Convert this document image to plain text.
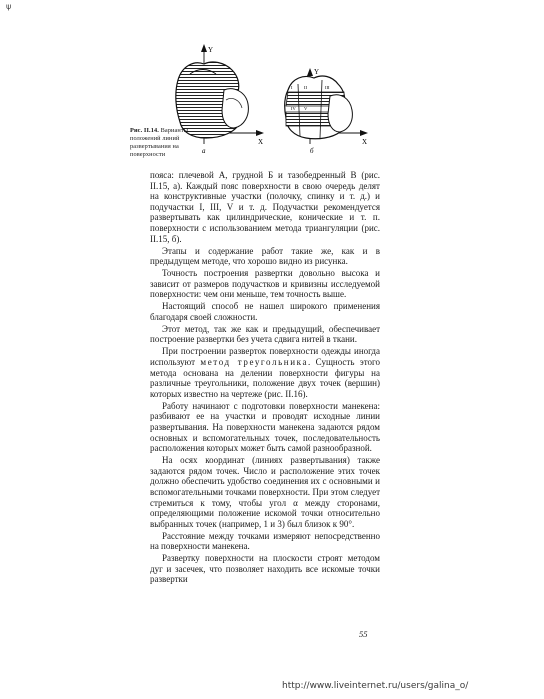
ψ
Y
X
а
Y
X
б
I	II	III
IV V
Рис. II.14. Варианты положений линий развертывания на поверхности

пояса: плечевой А, грудной Б и тазобедренный В (рис. II.15, а). Каждый пояс поверхности в свою очередь делят на конструктивные участки (полочку, спинку и т. д.) и подучастки I, III, V и т. д. Подучастки рекомендуется развертывать как цилиндрические, конические и т. п. поверхности с использованием метода триангуляции (рис. II.15, б).

Этапы и содержание работ такие же, как и в предыдущем методе, что хорошо видно из рисунка.

Точность построения развертки довольно высока и зависит от размеров подучастков и кривизны исследуемой поверхности: чем они меньше, тем точность выше.

Настоящий способ не нашел широкого применения благодаря своей сложности.

Этот метод, так же как и предыдущий, обеспечивает построение развертки без учета сдвига нитей в ткани.

При построении разверток поверхности одежды иногда используют метод треугольника. Сущность этого метода основана на делении поверхности фигуры на различные треугольники, положение двух точек (вершин) которых известно на чертеже (рис. II.16).

Работу начинают с подготовки поверхности манекена: разбивают ее на участки и проводят исходные линии развертывания. На поверхности манекена задаются рядом основных и вспомогательных точек, последовательность расположения которых может быть самой разнообразной.

На осях координат (линиях развертывания) также задаются рядом точек. Число и расположение этих точек должно обеспечить удобство соединения их с основными и вспомогательными точками поверхности. При этом следует стремиться к тому, чтобы угол α между сторонами, определяющими положение искомой точки относительно выбранных точек (например, 1 и 3) был близок к 90°.

Расстояние между точками измеряют непосредственно на поверхности манекена.

Развертку поверхности на плоскости строят методом дуг и засечек, что позволяет находить все искомые точки развертки

55
http://www.liveinternet.ru/users/galina_o/
